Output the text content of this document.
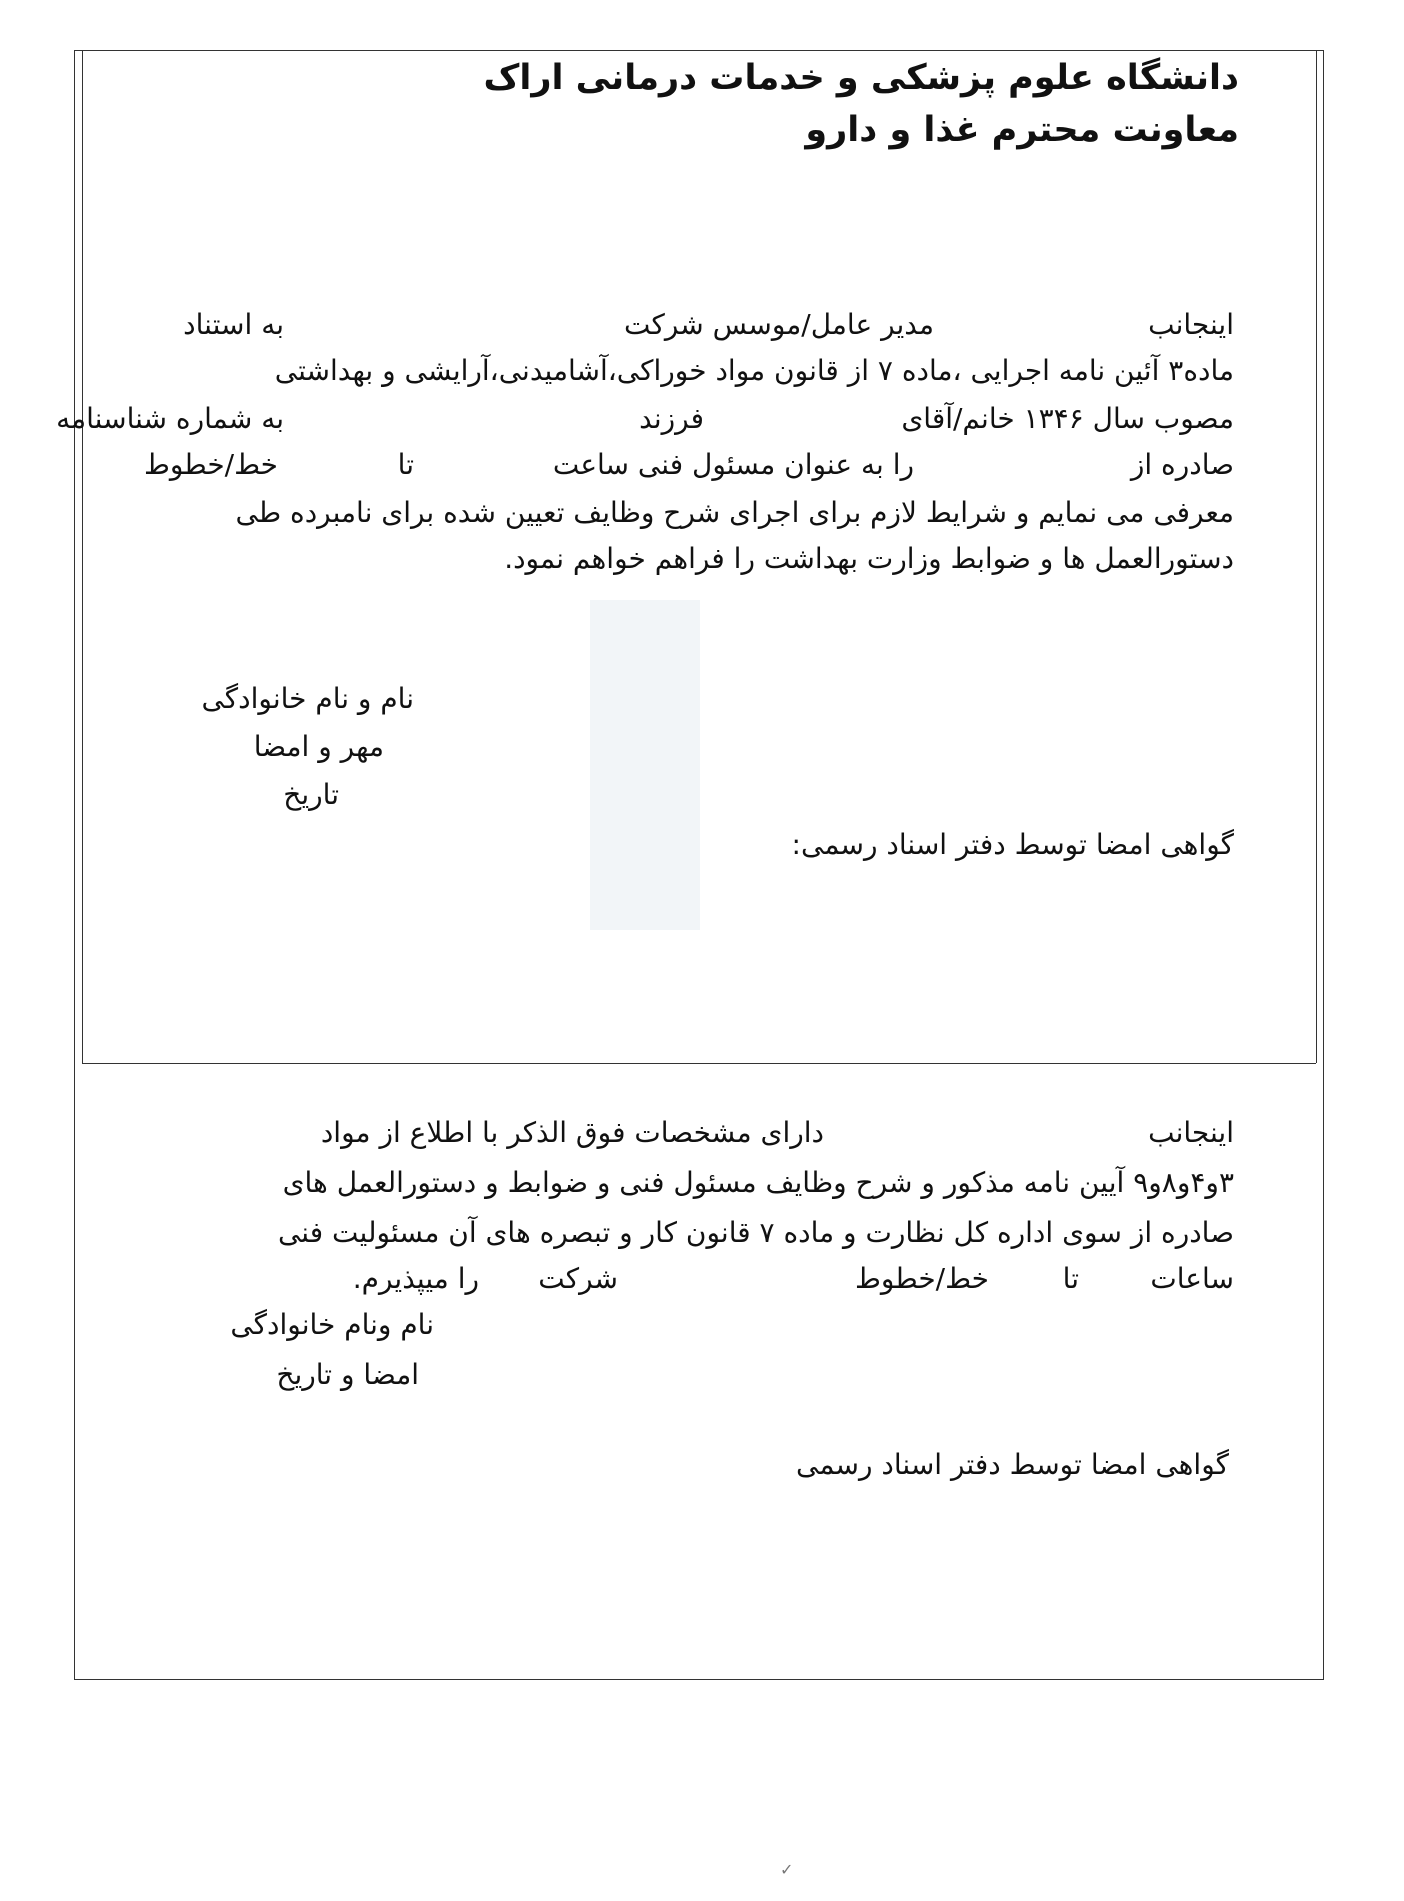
✓
دانشگاه علوم پزشکی و خدمات درمانی اراک
معاونت محترم غذا و دارو
اینجانب
مدیر عامل/موسس شرکت
به استناد
ماده۳ آئین نامه اجرایی ،ماده ۷ از قانون مواد خوراکی،آشامیدنی،آرایشی و بهداشتی
مصوب سال ۱۳۴۶ خانم/آقای
فرزند
به شماره شناسنامه
صادره از
را به عنوان مسئول فنی ساعت
تا
خط/خطوط
معرفی می نمایم و شرایط لازم برای اجرای شرح وظایف تعیین شده برای نامبرده طی
دستورالعمل ها و ضوابط وزارت بهداشت را فراهم خواهم نمود.
نام و نام خانوادگی
مهر و امضا
تاریخ
گواهی امضا توسط دفتر اسناد رسمی:
اینجانب
دارای مشخصات فوق الذکر با اطلاع از مواد
۳و۴و۸و۹ آیین نامه مذکور و شرح وظایف مسئول فنی و ضوابط و دستورالعمل های
صادره از سوی اداره کل نظارت و ماده ۷ قانون کار و تبصره های آن مسئولیت فنی
ساعات
تا
خط/خطوط
شرکت
را میپذیرم.
نام ونام خانوادگی
امضا و تاریخ
گواهی امضا توسط دفتر اسناد رسمی
